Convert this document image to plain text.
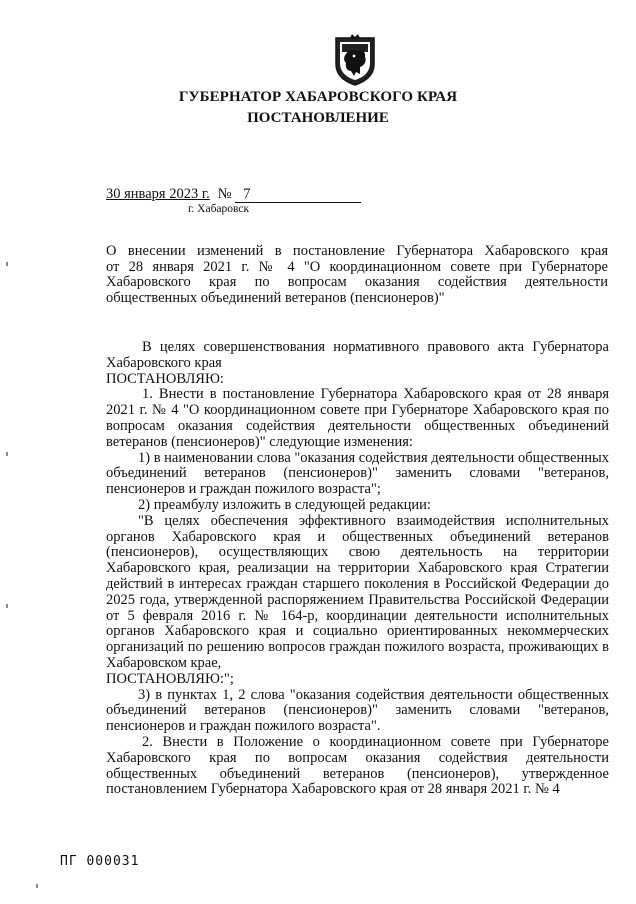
ГУБЕРНАТОР ХАБАРОВСКОГО КРАЯ
ПОСТАНОВЛЕНИЕ
30 января 2023 г. № 7
г. Хабаровск
О внесении изменений в постановление Губернатора Хабаровского края
от 28 января 2021 г. № 4 "О координационном совете при Губернаторе
Хабаровского края по вопросам оказания содействия деятельности
общественных объединений ветеранов (пенсионеров)"

В целях совершенствования нормативного правового акта Губернатора Хабаровского края

ПОСТАНОВЛЯЮ:

1. Внести в постановление Губернатора Хабаровского края от 28 января 2021 г. № 4 "О координационном совете при Губернаторе Хабаровского края по вопросам оказания содействия деятельности общественных объединений ветеранов (пенсионеров)" следующие изменения:

1) в наименовании слова "оказания содействия деятельности общественных объединений ветеранов (пенсионеров)" заменить словами "ветеранов, пенсионеров и граждан пожилого возраста";

2) преамбулу изложить в следующей редакции:

"В целях обеспечения эффективного взаимодействия исполнительных органов Хабаровского края и общественных объединений ветеранов (пенсионеров), осуществляющих свою деятельность на территории Хабаровского края, реализации на территории Хабаровского края Стратегии действий в интересах граждан старшего поколения в Российской Федерации до 2025 года, утвержденной распоряжением Правительства Российской Федерации от 5 февраля 2016 г. № 164-р, координации деятельности исполнительных органов Хабаровского края и социально ориентированных некоммерческих организаций по решению вопросов граждан пожилого возраста, проживающих в Хабаровском крае,

ПОСТАНОВЛЯЮ:";

3) в пунктах 1, 2 слова "оказания содействия деятельности общественных объединений ветеранов (пенсионеров)" заменить словами "ветеранов, пенсионеров и граждан пожилого возраста".

2. Внести в Положение о координационном совете при Губернаторе Хабаровского края по вопросам оказания содействия деятельности общественных объединений ветеранов (пенсионеров), утвержденное постановлением Губернатора Хабаровского края от 28 января 2021 г. № 4

ПГ 000031
